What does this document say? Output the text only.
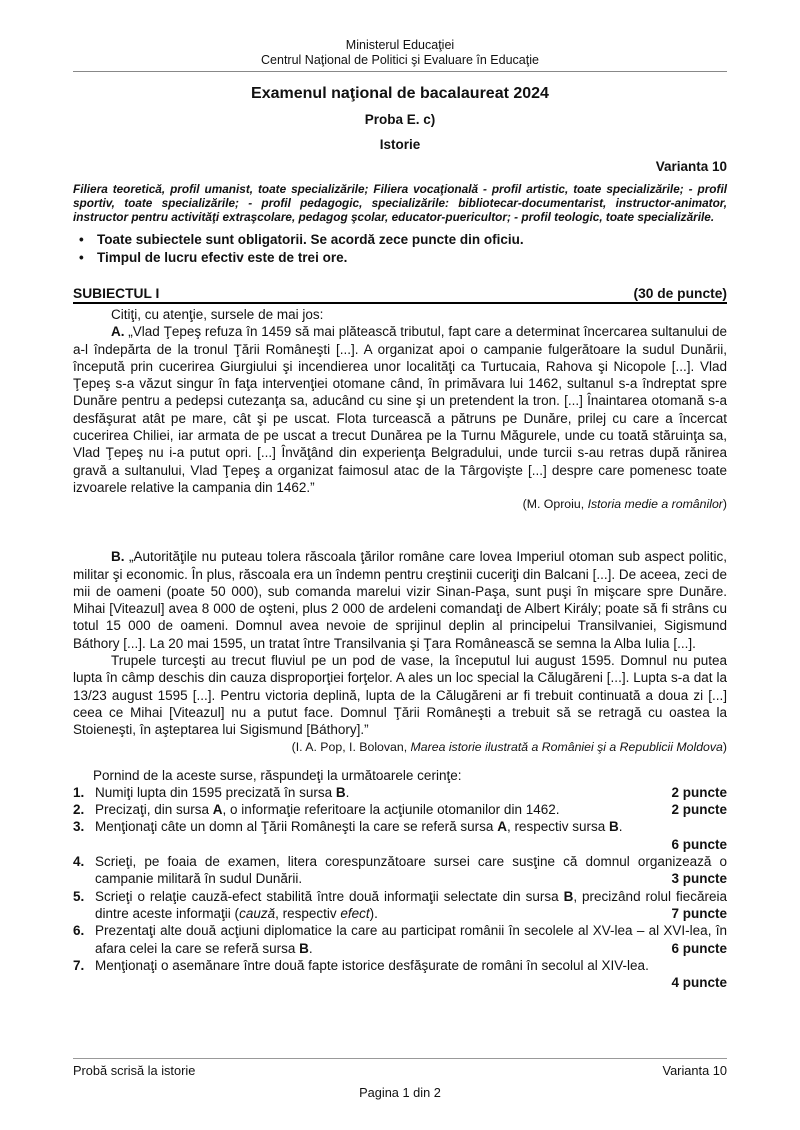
Ministerul Educaţiei
Centrul Naţional de Politici şi Evaluare în Educaţie
Examenul naţional de bacalaureat 2024
Proba E. c)
Istorie
Varianta 10
Filiera teoretică, profil umanist, toate specializările; Filiera vocaţională - profil artistic, toate specializările; - profil sportiv, toate specializările; - profil pedagogic, specializările: bibliotecar-documentarist, instructor-animator, instructor pentru activităţi extraşcolare, pedagog şcolar, educator-puericultor; - profil teologic, toate specializările.
• Toate subiectele sunt obligatorii. Se acordă zece puncte din oficiu.
• Timpul de lucru efectiv este de trei ore.
SUBIECTUL I	(30 de puncte)
Citiţi, cu atenţie, sursele de mai jos:
A. „Vlad Ţepeş refuza în 1459 să mai plătească tributul, fapt care a determinat încercarea sultanului de a-l îndepărta de la tronul Ţării Româneşti [...]. A organizat apoi o campanie fulgerătoare la sudul Dunării, începută prin cucerirea Giurgiului şi incendierea unor localităţi ca Turtucaia, Rahova şi Nicopole [...]. Vlad Ţepeş s-a văzut singur în faţa intervenţiei otomane când, în primăvara lui 1462, sultanul s-a îndreptat spre Dunăre pentru a pedepsi cutezanţa sa, aducând cu sine şi un pretendent la tron. [...] Înaintarea otomană s-a desfăşurat atât pe mare, cât şi pe uscat. Flota turcească a pătruns pe Dunăre, prilej cu care a încercat cucerirea Chiliei, iar armata de pe uscat a trecut Dunărea pe la Turnu Măgurele, unde cu toată stăruinţa sa, Vlad Ţepeş nu i-a putut opri. [...] Învăţând din experienţa Belgradului, unde turcii s-au retras după rănirea gravă a sultanului, Vlad Ţepeş a organizat faimosul atac de la Târgovişte [...] despre care pomenesc toate izvoarele relative la campania din 1462.”
(M. Oproiu, Istoria medie a românilor)
B. „Autorităţile nu puteau tolera răscoala ţărilor române care lovea Imperiul otoman sub aspect politic, militar şi economic. În plus, răscoala era un îndemn pentru creştinii cuceriţi din Balcani [...]. De aceea, zeci de mii de oameni (poate 50 000), sub comanda marelui vizir Sinan-Paşa, sunt puşi în mişcare spre Dunăre. Mihai [Viteazul] avea 8 000 de oşteni, plus 2 000 de ardeleni comandaţi de Albert Király; poate să fi strâns cu totul 15 000 de oameni. Domnul avea nevoie de sprijinul deplin al principelui Transilvaniei, Sigismund Báthory [...]. La 20 mai 1595, un tratat între Transilvania şi Ţara Românească se semna la Alba Iulia [...].
Trupele turceşti au trecut fluviul pe un pod de vase, la începutul lui august 1595. Domnul nu putea lupta în câmp deschis din cauza disproporţiei forţelor. A ales un loc special la Călugăreni [...]. Lupta s-a dat la 13/23 august 1595 [...]. Pentru victoria deplină, lupta de la Călugăreni ar fi trebuit continuată a doua zi [...] ceea ce Mihai [Viteazul] nu a putut face. Domnul Ţării Româneşti a trebuit să se retragă cu oastea la Stoieneşti, în aşteptarea lui Sigismund [Báthory].”
(I. A. Pop, I. Bolovan, Marea istorie ilustrată a României şi a Republicii Moldova)
Pornind de la aceste surse, răspundeţi la următoarele cerinţe:
1. Numiţi lupta din 1595 precizată în sursa B.	2 puncte
2. Precizaţi, din sursa A, o informaţie referitoare la acţiunile otomanilor din 1462.	2 puncte
3. Menţionaţi câte un domn al Ţării Româneşti la care se referă sursa A, respectiv sursa B.
6 puncte
4. Scrieţi, pe foaia de examen, litera corespunzătoare sursei care susţine că domnul organizează o campanie militară în sudul Dunării.	3 puncte
5. Scrieţi o relaţie cauză-efect stabilită între două informaţii selectate din sursa B, precizând rolul fiecăreia dintre aceste informaţii (cauză, respectiv efect).	7 puncte
6. Prezentaţi alte două acţiuni diplomatice la care au participat românii în secolele al XV-lea – al XVI-lea, în afara celei la care se referă sursa B.	6 puncte
7. Menţionaţi o asemănare între două fapte istorice desfăşurate de români în secolul al XIV-lea.
4 puncte
Probă scrisă la istorie	Varianta 10
Pagina 1 din 2
